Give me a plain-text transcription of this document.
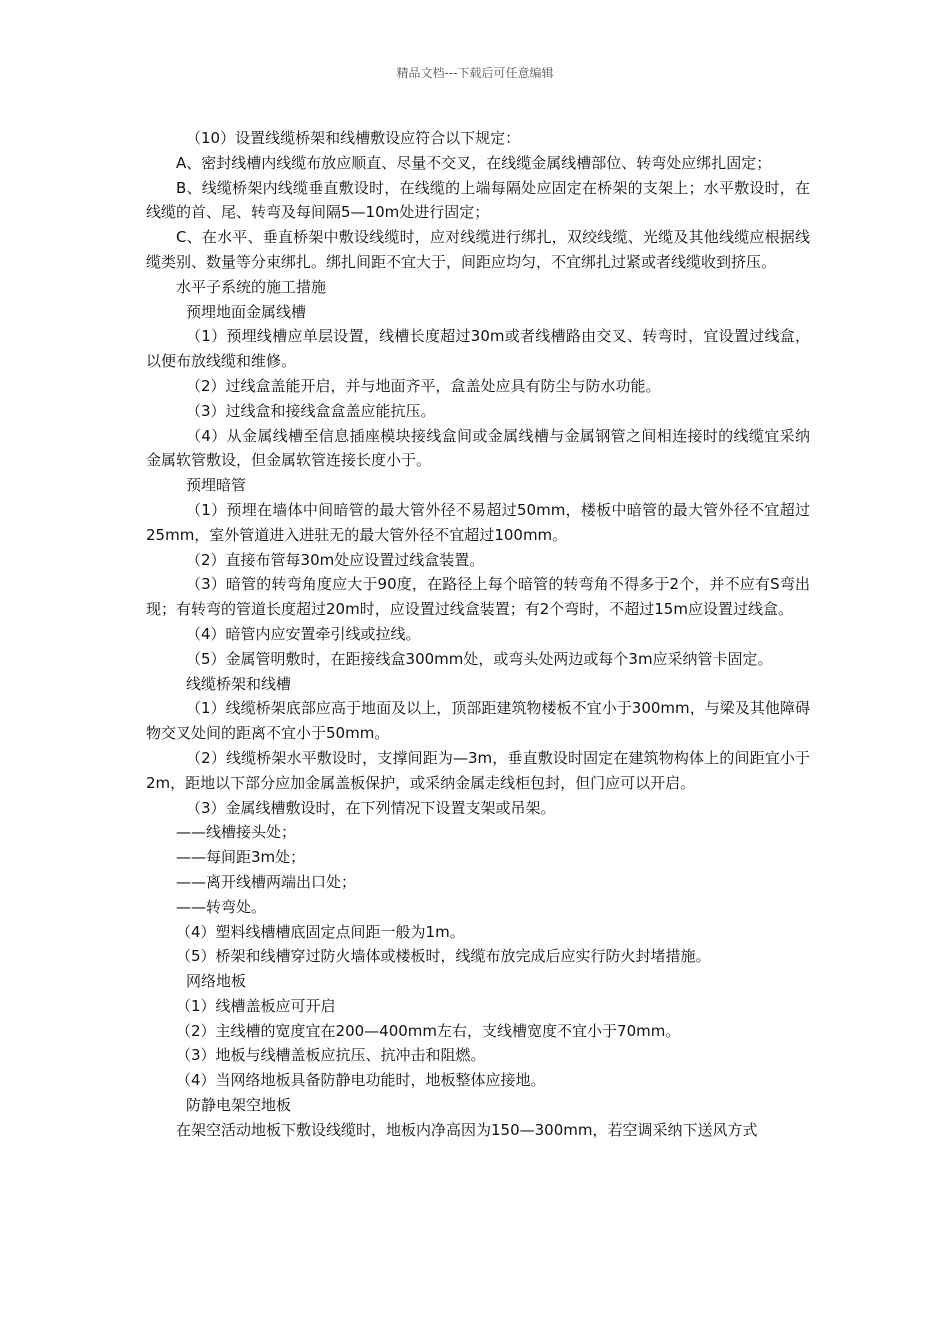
精品文档---下载后可任意编辑

（10）设置线缆桥架和线槽敷设应符合以下规定：

A、密封线槽内线缆布放应顺直、尽量不交叉，在线缆金属线槽部位、转弯处应绑扎固定；

B、线缆桥架内线缆垂直敷设时，在线缆的上端每隔处应固定在桥架的支架上；水平敷设时，在线缆的首、尾、转弯及每间隔5—10m处进行固定；

C、在水平、垂直桥架中敷设线缆时，应对线缆进行绑扎，双绞线缆、光缆及其他线缆应根据线缆类别、数量等分束绑扎。绑扎间距不宜大于，间距应均匀，不宜绑扎过紧或者线缆收到挤压。

水平子系统的施工措施

预埋地面金属线槽

（1）预埋线槽应单层设置，线槽长度超过30m或者线槽路由交叉、转弯时，宜设置过线盒，以便布放线缆和维修。

（2）过线盒盖能开启，并与地面齐平，盒盖处应具有防尘与防水功能。

（3）过线盒和接线盒盒盖应能抗压。

（4）从金属线槽至信息插座模块接线盒间或金属线槽与金属钢管之间相连接时的线缆宜采纳金属软管敷设，但金属软管连接长度小于。

预埋暗管

（1）预埋在墙体中间暗管的最大管外径不易超过50mm，楼板中暗管的最大管外径不宜超过25mm，室外管道进入进驻无的最大管外径不宜超过100mm。

（2）直接布管每30m处应设置过线盒装置。

（3）暗管的转弯角度应大于90度，在路径上每个暗管的转弯角不得多于2个，并不应有S弯出现；有转弯的管道长度超过20m时，应设置过线盒装置；有2个弯时，不超过15m应设置过线盒。

（4）暗管内应安置牵引线或拉线。

（5）金属管明敷时，在距接线盒300mm处，或弯头处两边或每个3m应采纳管卡固定。

线缆桥架和线槽

（1）线缆桥架底部应高于地面及以上，顶部距建筑物楼板不宜小于300mm，与梁及其他障碍物交叉处间的距离不宜小于50mm。

（2）线缆桥架水平敷设时，支撑间距为—3m，垂直敷设时固定在建筑物构体上的间距宜小于2m，距地以下部分应加金属盖板保护，或采纳金属走线柜包封，但门应可以开启。

（3）金属线槽敷设时，在下列情况下设置支架或吊架。

——线槽接头处；

——每间距3m处；

——离开线槽两端出口处；

——转弯处。

（4）塑料线槽槽底固定点间距一般为1m。

（5）桥架和线槽穿过防火墙体或楼板时，线缆布放完成后应实行防火封堵措施。

网络地板

（1）线槽盖板应可开启

（2）主线槽的宽度宜在200—400mm左右，支线槽宽度不宜小于70mm。

（3）地板与线槽盖板应抗压、抗冲击和阻燃。

（4）当网络地板具备防静电功能时，地板整体应接地。

防静电架空地板

在架空活动地板下敷设线缆时，地板内净高因为150—300mm，若空调采纳下送风方式
